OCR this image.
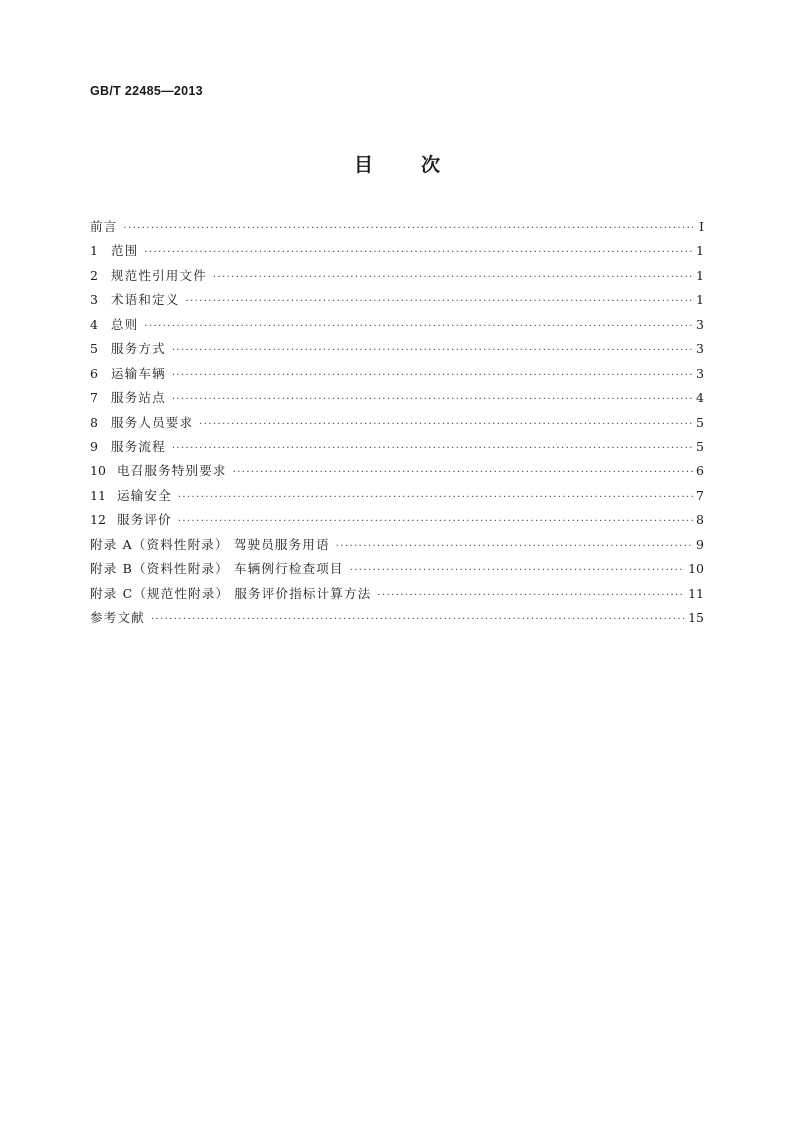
GB/T 22485—2013
目次
前言 ·····	Ⅰ
1 范围 ·····	1
2 规范性引用文件 ·····	1
3 术语和定义 ·····	1
4 总则 ·····	3
5 服务方式 ·····	3
6 运输车辆 ·····	3
7 服务站点 ·····	4
8 服务人员要求 ·····	5
9 服务流程 ·····	5
10 电召服务特别要求 ·····	6
11 运输安全 ·····	7
12 服务评价 ·····	8
附录 A（资料性附录） 驾驶员服务用语 ·····	9
附录 B（资料性附录） 车辆例行检查项目 ·····	10
附录 C（规范性附录） 服务评价指标计算方法 ·····	11
参考文献 ·····	15
